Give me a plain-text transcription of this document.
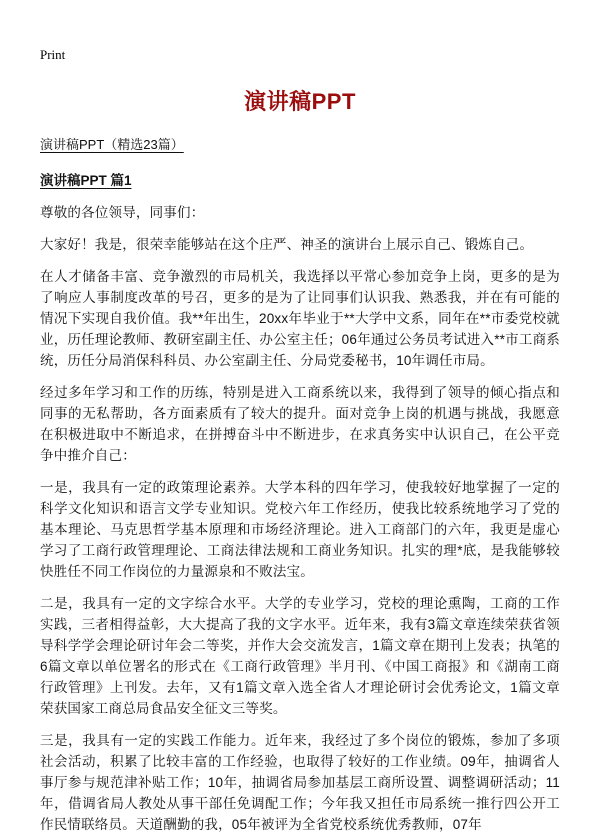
Print
演讲稿PPT
演讲稿PPT（精选23篇）
演讲稿PPT 篇1

尊敬的各位领导，同事们：

大家好！我是，很荣幸能够站在这个庄严、神圣的演讲台上展示自己、锻炼自己。

在人才储备丰富、竞争激烈的市局机关，我选择以平常心参加竞争上岗，更多的是为了响应人事制度改革的号召，更多的是为了让同事们认识我、熟悉我，并在有可能的情况下实现自我价值。我**年出生，20xx年毕业于**大学中文系，同年在**市委党校就业，历任理论教师、教研室副主任、办公室主任；06年通过公务员考试进入**市工商系统，历任分局消保科科员、办公室副主任、分局党委秘书，10年调任市局。

经过多年学习和工作的历练，特别是进入工商系统以来，我得到了领导的倾心指点和同事的无私帮助，各方面素质有了较大的提升。面对竞争上岗的机遇与挑战，我愿意在积极进取中不断追求，在拼搏奋斗中不断进步，在求真务实中认识自己，在公平竞争中推介自己：

一是，我具有一定的政策理论素养。大学本科的四年学习，使我较好地掌握了一定的科学文化知识和语言文学专业知识。党校六年工作经历，使我比较系统地学习了党的基本理论、马克思哲学基本原理和市场经济理论。进入工商部门的六年，我更是虚心学习了工商行政管理理论、工商法律法规和工商业务知识。扎实的理*底，是我能够较快胜任不同工作岗位的力量源泉和不败法宝。

二是，我具有一定的文字综合水平。大学的专业学习，党校的理论熏陶，工商的工作实践，三者相得益彰，大大提高了我的文字水平。近年来，我有3篇文章连续荣获省领导科学学会理论研讨年会二等奖，并作大会交流发言，1篇文章在期刊上发表；执笔的6篇文章以单位署名的形式在《工商行政管理》半月刊、《中国工商报》和《湖南工商行政管理》上刊发。去年，又有1篇文章入选全省人才理论研讨会优秀论文，1篇文章荣获国家工商总局食品安全征文三等奖。

三是，我具有一定的实践工作能力。近年来，我经过了多个岗位的锻炼，参加了多项社会活动，积累了比较丰富的工作经验，也取得了较好的工作业绩。09年，抽调省人事厅参与规范津补贴工作；10年，抽调省局参加基层工商所设置、调整调研活动；11年，借调省局人教处从事干部任免调配工作；今年我又担任市局系统一推行四公开工作民情联络员。天道酬勤的我，05年被评为全省党校系统优秀教师，07年
